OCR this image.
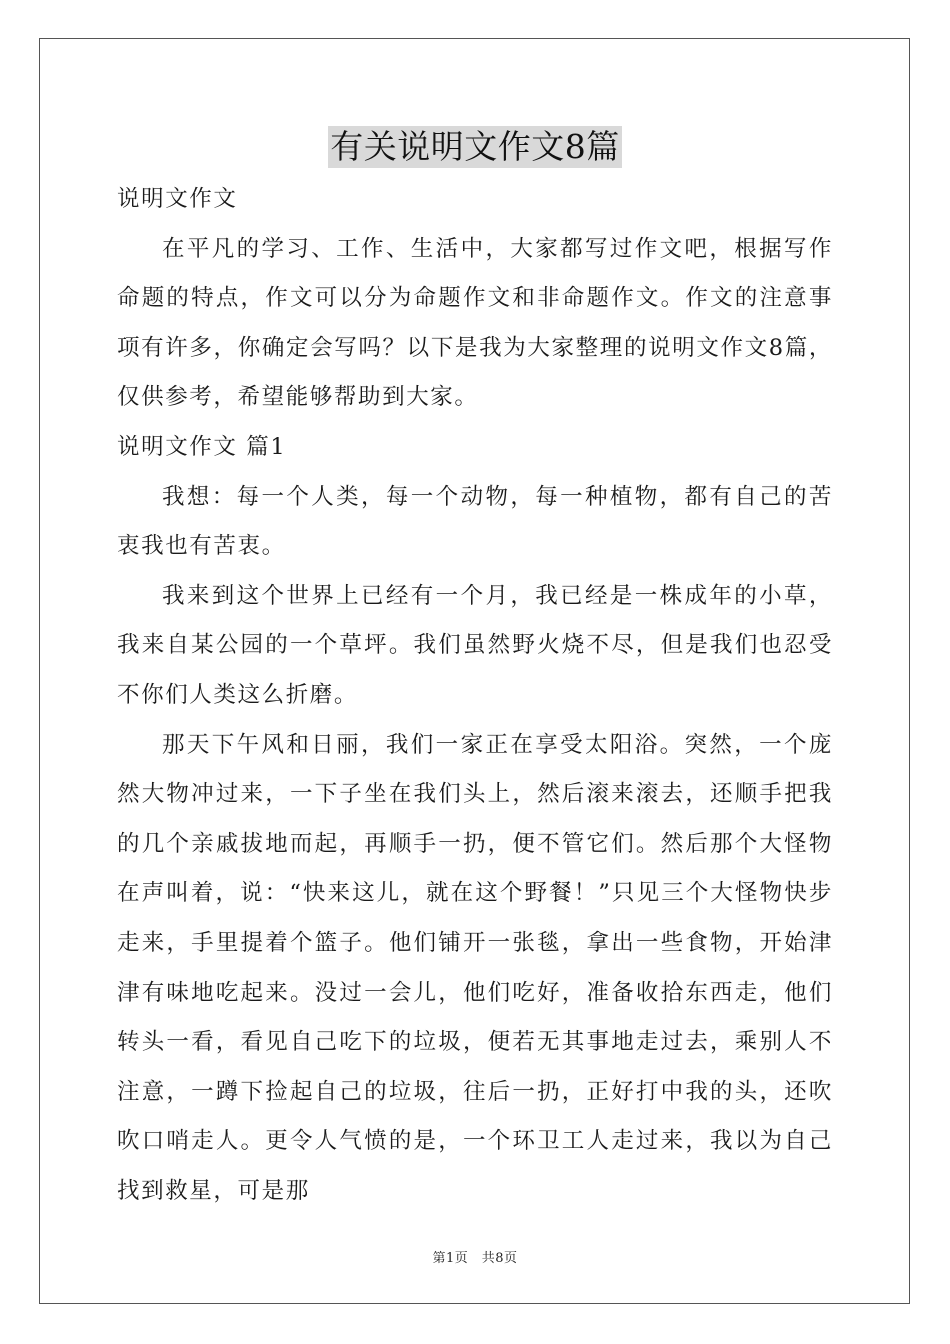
有关说明文作文8篇

说明文作文

在平凡的学习、工作、生活中，大家都写过作文吧，根据写作命题的特点，作文可以分为命题作文和非命题作文。作文的注意事项有许多，你确定会写吗？以下是我为大家整理的说明文作文8篇，仅供参考，希望能够帮助到大家。

说明文作文 篇1

我想：每一个人类，每一个动物，每一种植物，都有自己的苦衷我也有苦衷。

我来到这个世界上已经有一个月，我已经是一株成年的小草，我来自某公园的一个草坪。我们虽然野火烧不尽，但是我们也忍受不你们人类这么折磨。

那天下午风和日丽，我们一家正在享受太阳浴。突然，一个庞然大物冲过来，一下子坐在我们头上，然后滚来滚去，还顺手把我的几个亲戚拔地而起，再顺手一扔，便不管它们。然后那个大怪物在声叫着，说：“快来这儿，就在这个野餐！”只见三个大怪物快步走来，手里提着个篮子。他们铺开一张毯，拿出一些食物，开始津津有味地吃起来。没过一会儿，他们吃好，准备收拾东西走，他们转头一看，看见自己吃下的垃圾，便若无其事地走过去，乘别人不注意，一蹲下捡起自己的垃圾，往后一扔，正好打中我的头，还吹吹口哨走人。更令人气愤的是，一个环卫工人走过来，我以为自己找到救星，可是那

第1页　共8页
